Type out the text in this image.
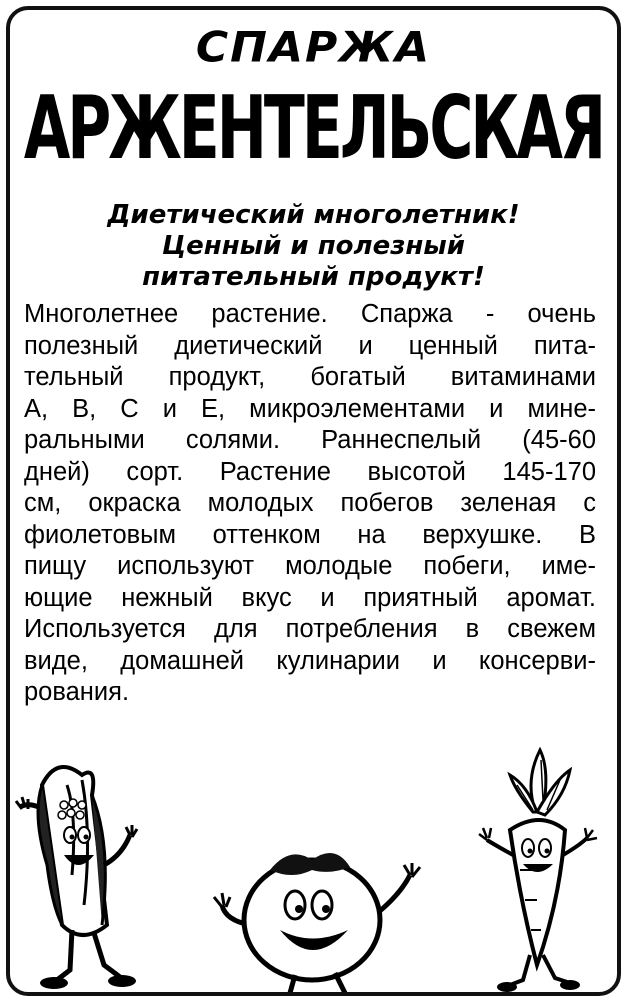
СПАРЖА
АРЖЕНТЕЛЬСКАЯ
Диетический многолетник!
Ценный и полезный
питательный продукт!
Многолетнее растение. Спаржа - очень
полезный диетический и ценный пита-
тельный продукт, богатый витаминами
А, В, С и Е, микроэлементами и мине-
ральными солями. Раннеспелый (45-60
дней) сорт. Растение высотой 145-170
см, окраска молодых побегов зеленая с
фиолетовым оттенком на верхушке. В
пищу используют молодые побеги, име-
ющие нежный вкус и приятный аромат.
Используется для потребления в свежем
виде, домашней кулинарии и консерви-
рования.
